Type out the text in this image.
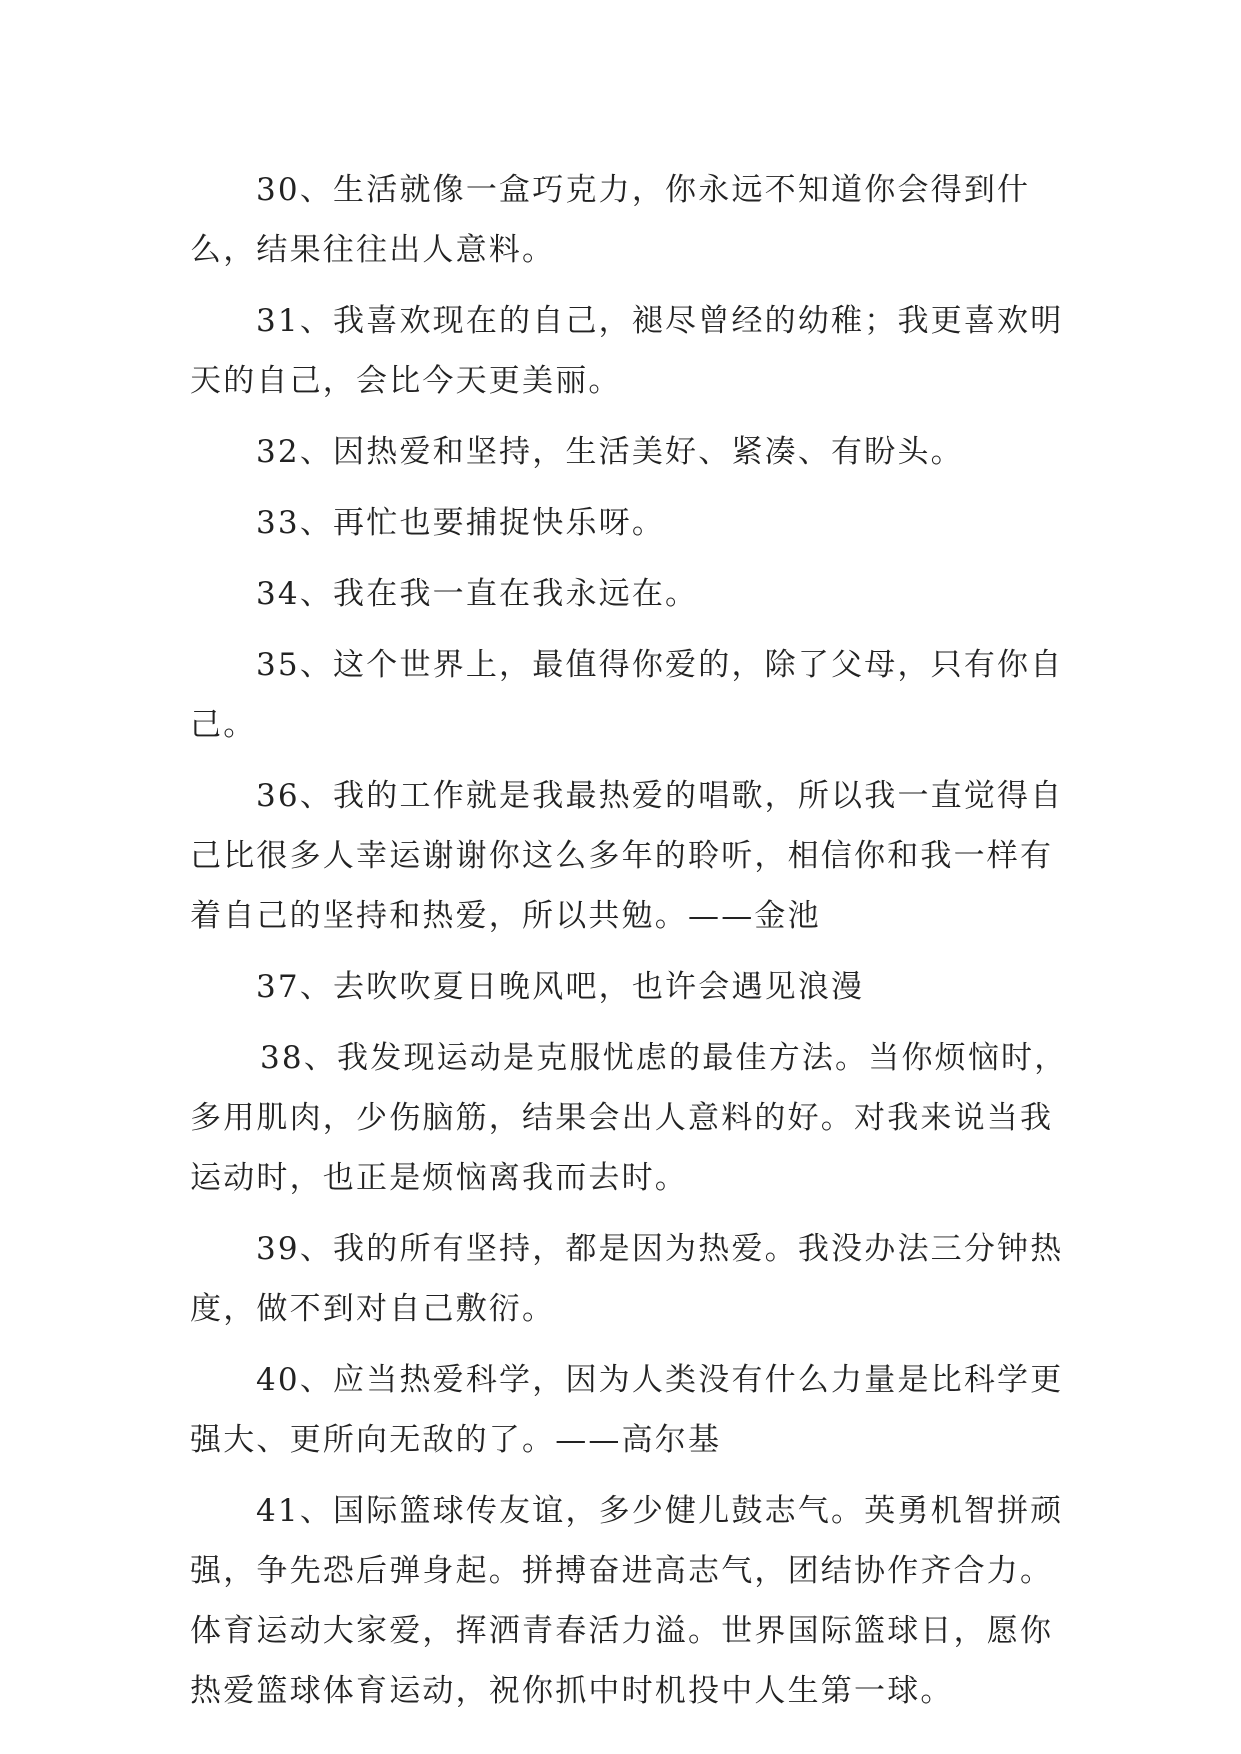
30、生活就像一盒巧克力，你永远不知道你会得到什么，结果往往出人意料。

31、我喜欢现在的自己，褪尽曾经的幼稚；我更喜欢明天的自己，会比今天更美丽。

32、因热爱和坚持，生活美好、紧凑、有盼头。

33、再忙也要捕捉快乐呀。

34、我在我一直在我永远在。

35、这个世界上，最值得你爱的，除了父母，只有你自己。

36、我的工作就是我最热爱的唱歌，所以我一直觉得自己比很多人幸运谢谢你这么多年的聆听，相信你和我一样有着自己的坚持和热爱，所以共勉。——金池

37、去吹吹夏日晚风吧，也许会遇见浪漫

38、我发现运动是克服忧虑的最佳方法。当你烦恼时，多用肌肉，少伤脑筋，结果会出人意料的好。对我来说当我运动时，也正是烦恼离我而去时。

39、我的所有坚持，都是因为热爱。我没办法三分钟热度，做不到对自己敷衍。

40、应当热爱科学，因为人类没有什么力量是比科学更强大、更所向无敌的了。——高尔基

41、国际篮球传友谊，多少健儿鼓志气。英勇机智拼顽强，争先恐后弹身起。拼搏奋进高志气，团结协作齐合力。体育运动大家爱，挥洒青春活力溢。世界国际篮球日，愿你热爱篮球体育运动，祝你抓中时机投中人生第一球。
